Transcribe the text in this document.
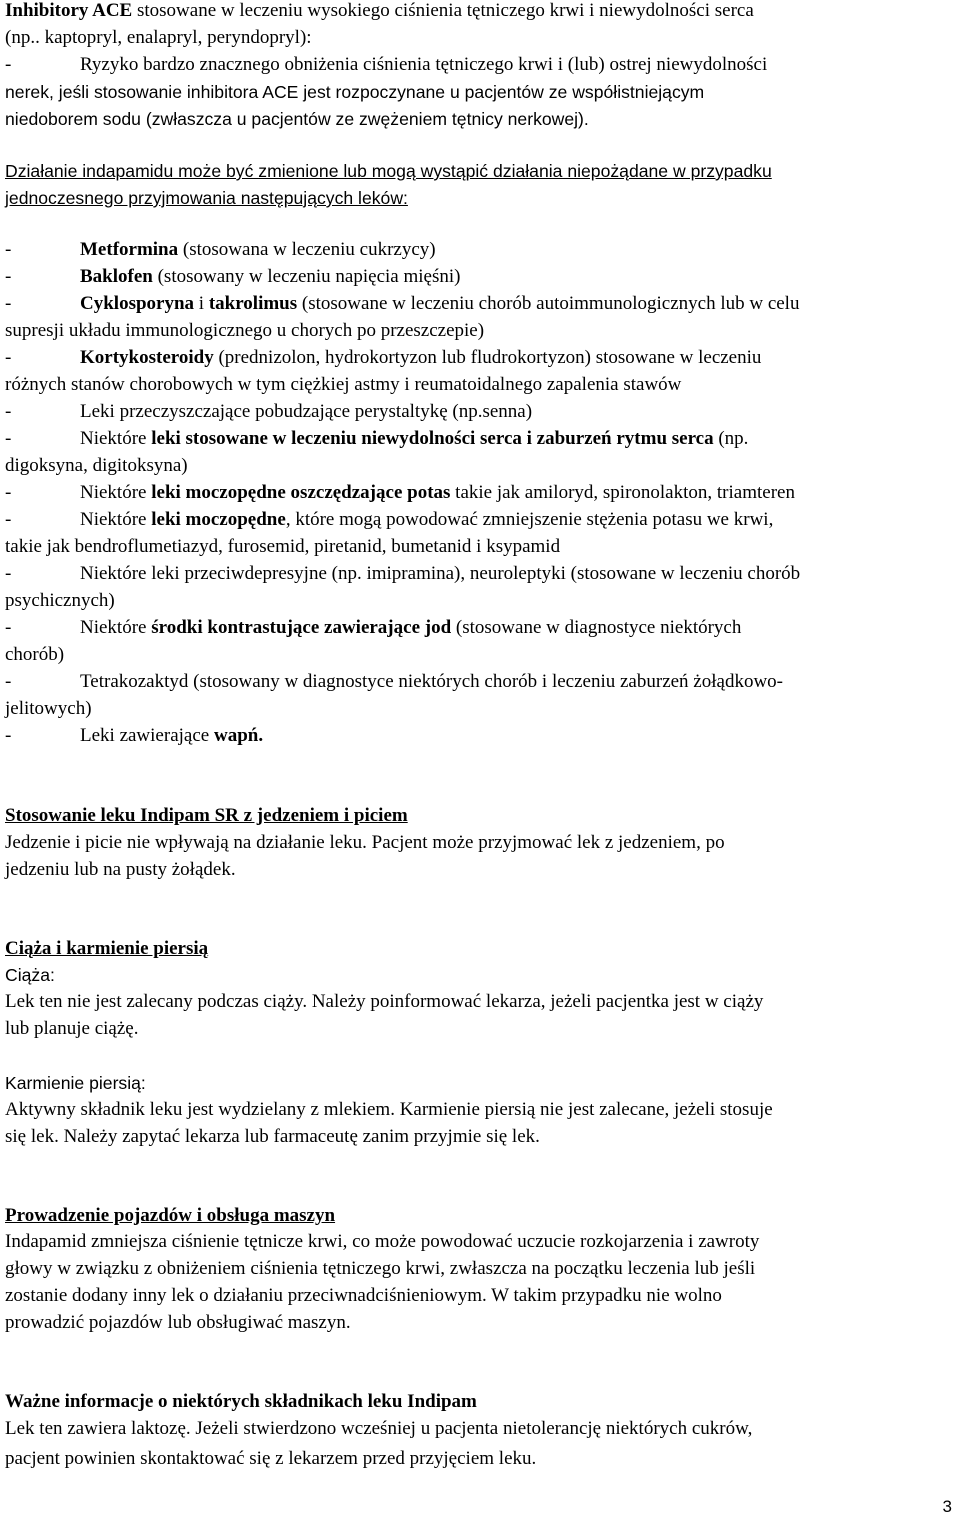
Inhibitory ACE stosowane w leczeniu wysokiego ciśnienia tętniczego krwi i niewydolności serca
(np.. kaptopryl, enalapryl, peryndopryl):
-	Ryzyko bardzo znacznego obniżenia ciśnienia tętniczego krwi i (lub) ostrej niewydolności
nerek, jeśli stosowanie inhibitora ACE jest rozpoczynane u pacjentów ze współistniejącym
niedoborem sodu (zwłaszcza u pacjentów ze zwężeniem tętnicy nerkowej).
Działanie indapamidu może być zmienione lub mogą wystąpić działania niepożądane w przypadku
jednoczesnego przyjmowania następujących leków:
-	Metformina (stosowana w leczeniu cukrzycy)
-	Baklofen (stosowany w leczeniu napięcia mięśni)
-	Cyklosporyna i takrolimus (stosowane w leczeniu chorób autoimmunologicznych lub w celu
supresji układu immunologicznego u chorych po przeszczepie)
-	Kortykosteroidy (prednizolon, hydrokortyzon lub fludrokortyzon) stosowane w leczeniu
różnych stanów chorobowych w tym ciężkiej astmy i reumatoidalnego zapalenia stawów
-	Leki przeczyszczające pobudzające perystaltykę (np.senna)
-	Niektóre leki stosowane w leczeniu niewydolności serca i zaburzeń rytmu serca (np.
digoksyna, digitoksyna)
-	Niektóre leki moczopędne oszczędzające potas takie jak amiloryd, spironolakton, triamteren
-	Niektóre leki moczopędne, które mogą powodować zmniejszenie stężenia potasu we krwi,
takie jak bendroflumetiazyd, furosemid, piretanid, bumetanid i ksypamid
-	Niektóre leki przeciwdepresyjne (np. imipramina), neuroleptyki (stosowane w leczeniu chorób
psychicznych)
-	Niektóre środki kontrastujące zawierające jod (stosowane w diagnostyce niektórych
chorób)
-	Tetrakozaktyd (stosowany w diagnostyce niektórych chorób i leczeniu zaburzeń żołądkowo-
jelitowych)
-	Leki zawierające wapń.
Stosowanie leku Indipam SR z jedzeniem i piciem
Jedzenie i picie nie wpływają na działanie leku. Pacjent może przyjmować lek z jedzeniem, po
jedzeniu lub na pusty żołądek.
Ciąża i karmienie piersią
Ciąża:
Lek ten nie jest zalecany podczas ciąży. Należy poinformować lekarza, jeżeli pacjentka jest w ciąży
lub planuje ciążę.
Karmienie piersią:
Aktywny składnik leku jest wydzielany z mlekiem. Karmienie piersią nie jest zalecane, jeżeli stosuje
się lek. Należy zapytać lekarza lub farmaceutę zanim przyjmie się lek.
Prowadzenie pojazdów i obsługa maszyn
Indapamid zmniejsza ciśnienie tętnicze krwi, co może powodować uczucie rozkojarzenia i zawroty
głowy w związku z obniżeniem ciśnienia tętniczego krwi, zwłaszcza na początku leczenia lub jeśli
zostanie dodany inny lek o działaniu przeciwnadciśnieniowym. W takim przypadku nie wolno
prowadzić pojazdów lub obsługiwać maszyn.
Ważne informacje o niektórych składnikach leku Indipam
Lek ten zawiera laktozę. Jeżeli stwierdzono wcześniej u pacjenta nietolerancję niektórych cukrów,
pacjent powinien skontaktować się z lekarzem przed przyjęciem leku.
3
